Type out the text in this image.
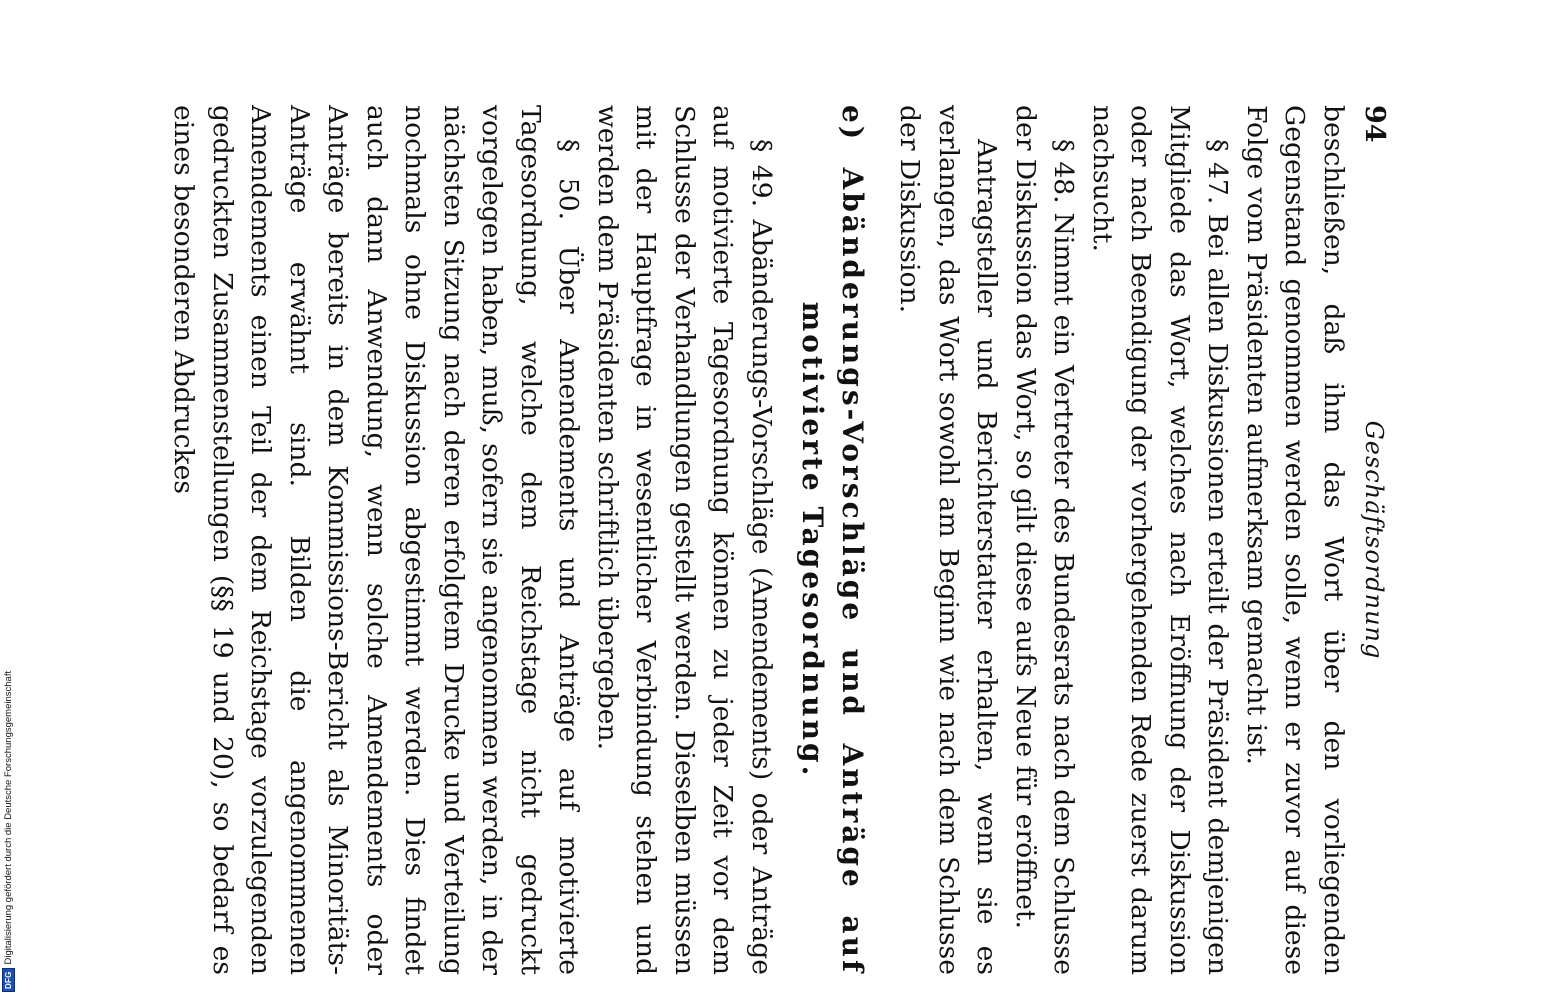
DFG
Digitalisierung gefördert durch die Deutsche Forschungsgemeinschaft
94
Geschäftsordnung

beschließen, daß ihm das Wort über den vorliegenden Gegenstand genommen werden solle, wenn er zuvor auf diese Folge vom Präsidenten aufmerksam gemacht ist.

§ 47. Bei allen Diskussionen erteilt der Präsident demjenigen Mitgliede das Wort, welches nach Eröffnung der Diskussion oder nach Beendigung der vorhergehenden Rede zuerst darum nachsucht.

§ 48. Nimmt ein Vertreter des Bundesrats nach dem Schlusse der Diskussion das Wort, so gilt diese aufs Neue für eröffnet.

Antragsteller und Berichterstatter erhalten, wenn sie es verlangen, das Wort sowohl am Beginn wie nach dem Schlusse der Diskussion.

e) Abänderungs-Vorschläge und Anträge auf
motivierte Tagesordnung.

§ 49. Abänderungs-Vorschläge (Amendements) oder Anträge auf motivierte Tagesordnung können zu jeder Zeit vor dem Schlusse der Verhandlungen gestellt werden. Dieselben müssen mit der Hauptfrage in wesentlicher Verbindung stehen und werden dem Präsidenten schriftlich übergeben.

§ 50. Über Amendements und Anträge auf motivierte Tagesordnung, welche dem Reichstage nicht gedruckt vorgelegen haben, muß, sofern sie angenommen werden, in der nächsten Sitzung nach deren erfolgtem Drucke und Verteilung nochmals ohne Diskussion abgestimmt werden. Dies findet auch dann Anwendung, wenn solche Amendements oder Anträge bereits in dem Kommissions-Bericht als Minoritäts-Anträge erwähnt sind. Bilden die angenommenen Amendements einen Teil der dem Reichstage vorzulegenden gedruckten Zusammenstellungen (§§ 19 und 20), so bedarf es eines besonderen Abdruckes
